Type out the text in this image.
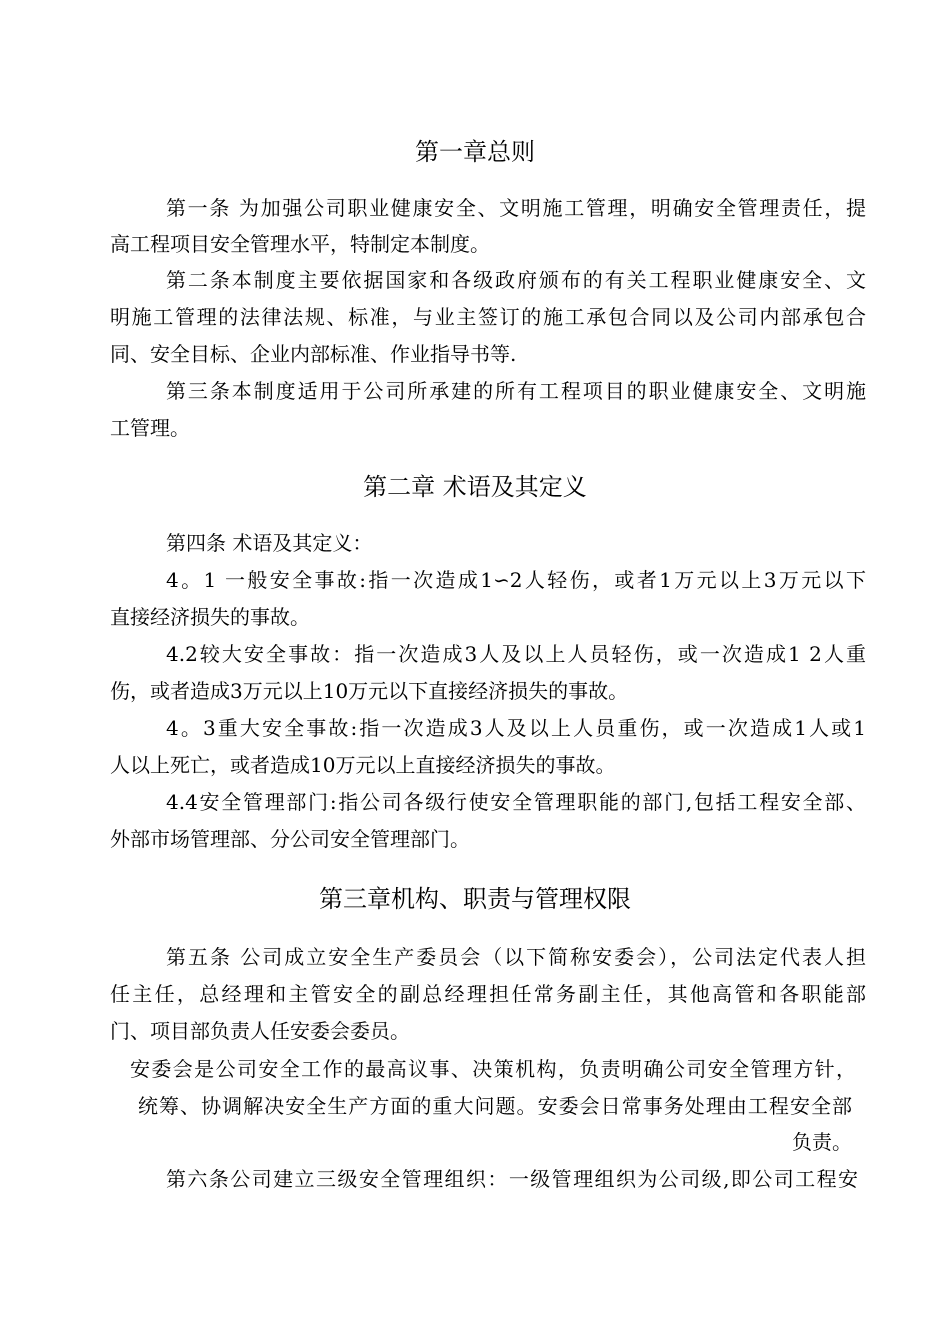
第一章总则
第一条 为加强公司职业健康安全、文明施工管理，明确安全管理责任，提
高工程项目安全管理水平，特制定本制度。
第二条本制度主要依据国家和各级政府颁布的有关工程职业健康安全、文
明施工管理的法律法规、标准，与业主签订的施工承包合同以及公司内部承包合
同、安全目标、企业内部标准、作业指导书等.
第三条本制度适用于公司所承建的所有工程项目的职业健康安全、文明施
工管理。
第二章 术语及其定义
第四条 术语及其定义：
4。1 一般安全事故:指一次造成1∽2人轻伤，或者1万元以上3万元以下
直接经济损失的事故。
4.2较大安全事故：指一次造成3人及以上人员轻伤，或一次造成1 2人重
伤，或者造成3万元以上10万元以下直接经济损失的事故。
4。3重大安全事故:指一次造成3人及以上人员重伤，或一次造成1人或1
人以上死亡，或者造成10万元以上直接经济损失的事故。
4.4安全管理部门:指公司各级行使安全管理职能的部门,包括工程安全部、
外部市场管理部、分公司安全管理部门。
第三章机构、职责与管理权限
第五条 公司成立安全生产委员会（以下简称安委会），公司法定代表人担
任主任，总经理和主管安全的副总经理担任常务副主任，其他高管和各职能部
门、项目部负责人任安委会委员。
安委会是公司安全工作的最高议事、决策机构，负责明确公司安全管理方针，
统筹、协调解决安全生产方面的重大问题。安委会日常事务处理由工程安全部
负责。
第六条公司建立三级安全管理组织：一级管理组织为公司级,即公司工程安
